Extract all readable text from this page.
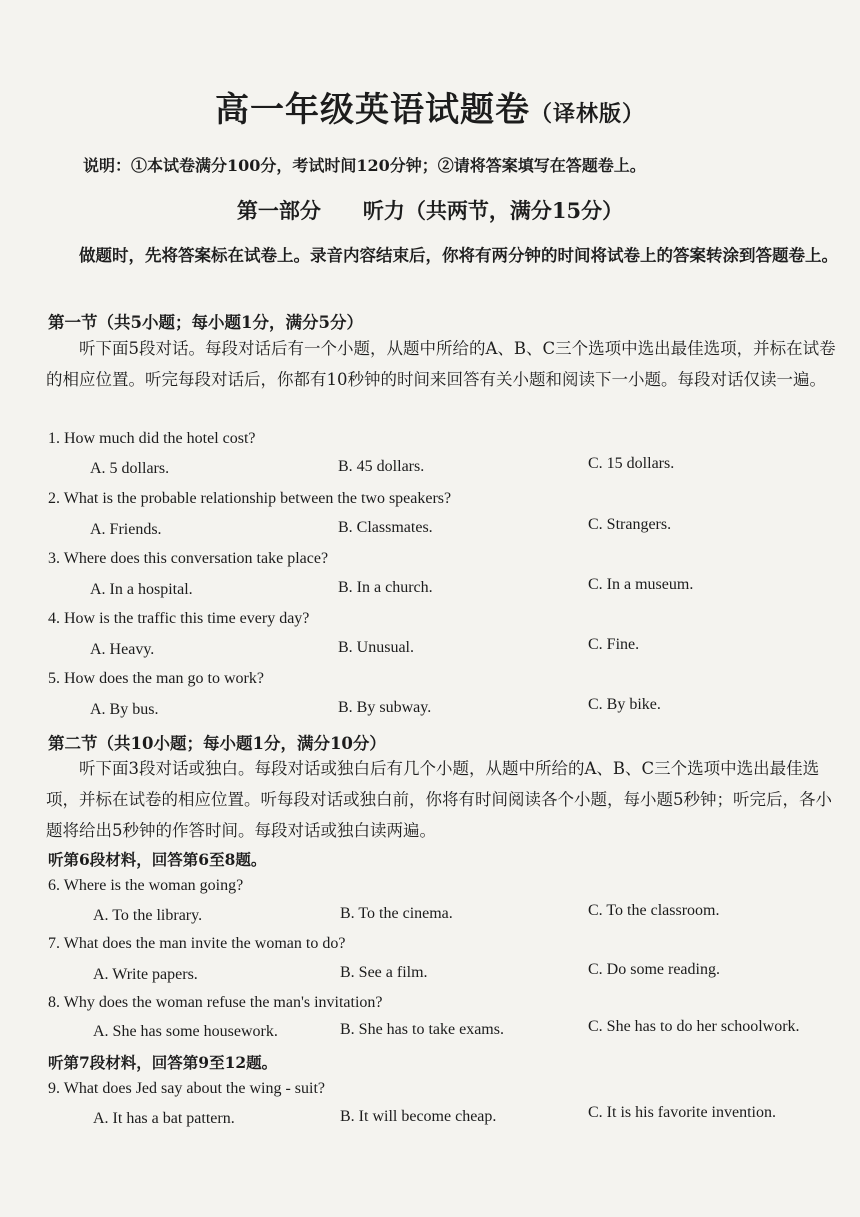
高一年级英语试题卷（译林版）
说明：①本试卷满分100分，考试时间120分钟；②请将答案填写在答题卷上。
第一部分　　听力（共两节，满分15分）
做题时，先将答案标在试卷上。录音内容结束后，你将有两分钟的时间将试卷上的答案转涂到答题卷上。
第一节（共5小题；每小题1分，满分5分）
听下面5段对话。每段对话后有一个小题，从题中所给的A、B、C三个选项中选出最佳选项，并标在试卷的相应位置。听完每段对话后，你都有10秒钟的时间来回答有关小题和阅读下一小题。每段对话仅读一遍。
1. How much did the hotel cost?
A. 5 dollars.	B. 45 dollars.	C. 15 dollars.
2. What is the probable relationship between the two speakers?
A. Friends.	B. Classmates.	C. Strangers.
3. Where does this conversation take place?
A. In a hospital.	B. In a church.	C. In a museum.
4. How is the traffic this time every day?
A. Heavy.	B. Unusual.	C. Fine.
5. How does the man go to work?
A. By bus.	B. By subway.	C. By bike.
第二节（共10小题；每小题1分，满分10分）
听下面3段对话或独白。每段对话或独白后有几个小题，从题中所给的A、B、C三个选项中选出最佳选项，并标在试卷的相应位置。听每段对话或独白前，你将有时间阅读各个小题，每小题5秒钟；听完后，各小题将给出5秒钟的作答时间。每段对话或独白读两遍。
听第6段材料，回答第6至8题。
6. Where is the woman going?
A. To the library.	B. To the cinema.	C. To the classroom.
7. What does the man invite the woman to do?
A. Write papers.	B. See a film.	C. Do some reading.
8. Why does the woman refuse the man's invitation?
A. She has some housework.	B. She has to take exams.	C. She has to do her schoolwork.
听第7段材料，回答第9至12题。
9. What does Jed say about the wing - suit?
A. It has a bat pattern.	B. It will become cheap.	C. It is his favorite invention.
